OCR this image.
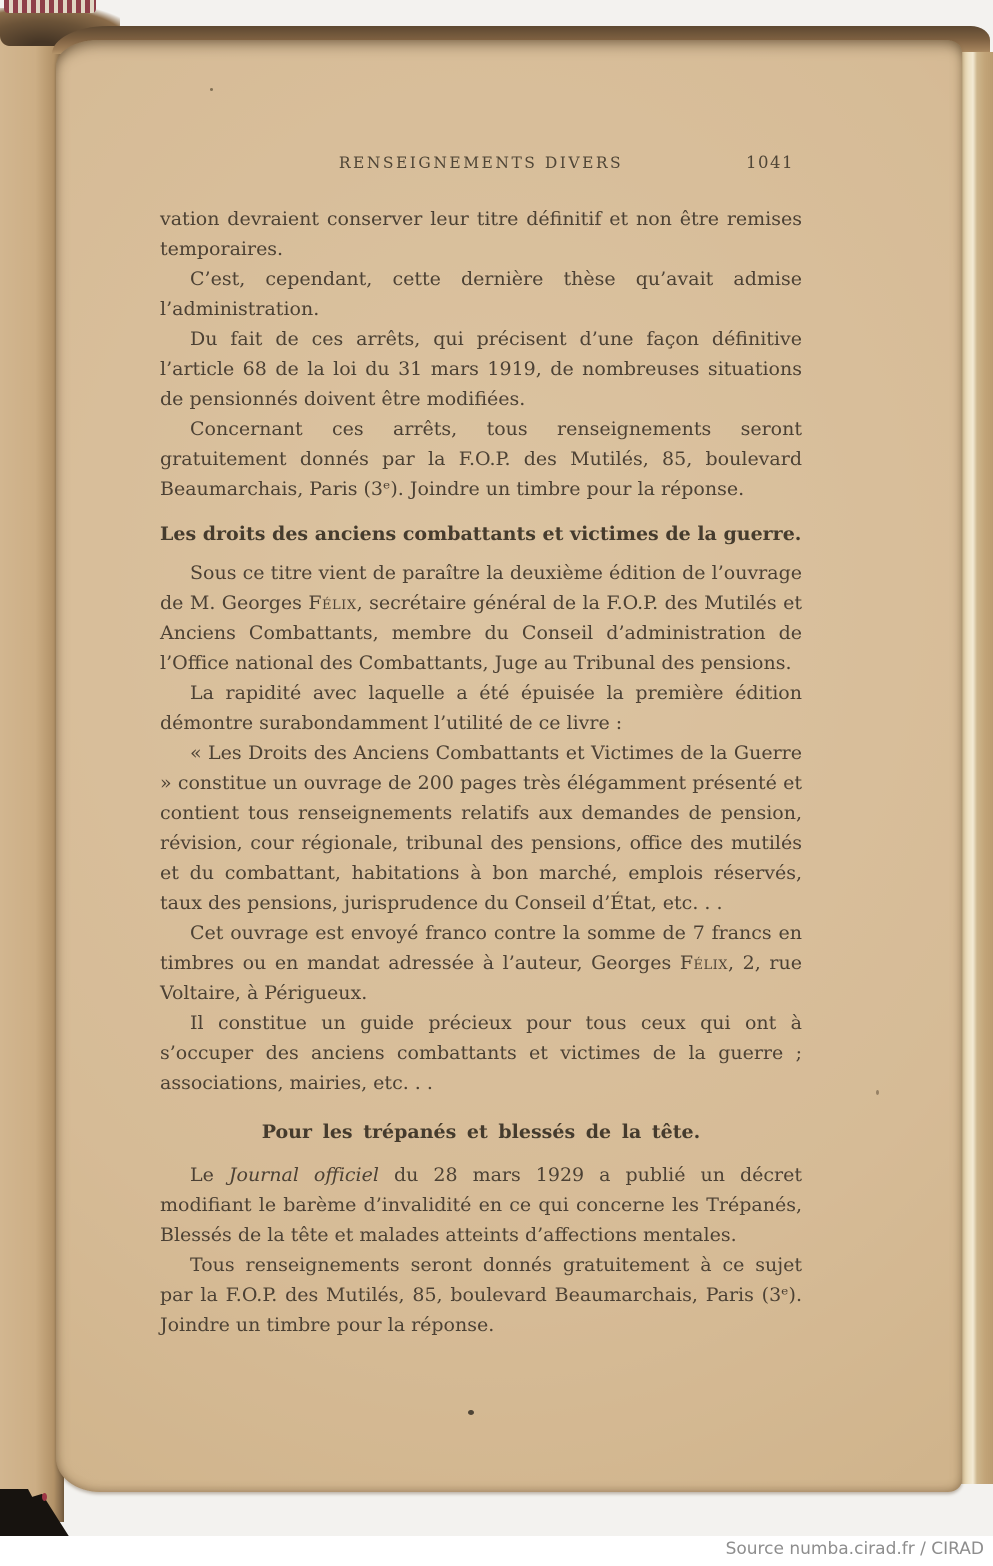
RENSEIGNEMENTS DIVERS	1041

vation devraient conserver leur titre définitif et non être remises temporaires.

C’est, cependant, cette dernière thèse qu’avait admise l’administration.

Du fait de ces arrêts, qui précisent d’une façon définitive l’article 68 de la loi du 31 mars 1919, de nombreuses situations de pensionnés doivent être modifiées.

Concernant ces arrêts, tous renseignements seront gratuitement donnés par la F.O.P. des Mutilés, 85, boulevard Beaumarchais, Paris (3ᵉ). Joindre un timbre pour la réponse.

Les droits des anciens combattants et victimes de la guerre.

Sous ce titre vient de paraître la deuxième édition de l’ouvrage de M. Georges Félix, secrétaire général de la F.O.P. des Mutilés et Anciens Combattants, membre du Conseil d’administration de l’Office national des Combattants, Juge au Tribunal des pensions.

La rapidité avec laquelle a été épuisée la première édition démontre surabondamment l’utilité de ce livre :

« Les Droits des Anciens Combattants et Victimes de la Guerre » constitue un ouvrage de 200 pages très élégamment présenté et contient tous renseignements relatifs aux demandes de pension, révision, cour régionale, tribunal des pensions, office des mutilés et du combattant, habitations à bon marché, emplois réservés, taux des pensions, jurisprudence du Conseil d’État, etc. . .

Cet ouvrage est envoyé franco contre la somme de 7 francs en timbres ou en mandat adressée à l’auteur, Georges Félix, 2, rue Voltaire, à Périgueux.

Il constitue un guide précieux pour tous ceux qui ont à s’occuper des anciens combattants et victimes de la guerre ; associations, mairies, etc. . .

Pour les trépanés et blessés de la tête.

Le Journal officiel du 28 mars 1929 a publié un décret modifiant le barème d’invalidité en ce qui concerne les Trépanés, Blessés de la tête et malades atteints d’affections mentales.

Tous renseignements seront donnés gratuitement à ce sujet par la F.O.P. des Mutilés, 85, boulevard Beaumarchais, Paris (3ᵉ). Joindre un timbre pour la réponse.

Source numba.cirad.fr / CIRAD
